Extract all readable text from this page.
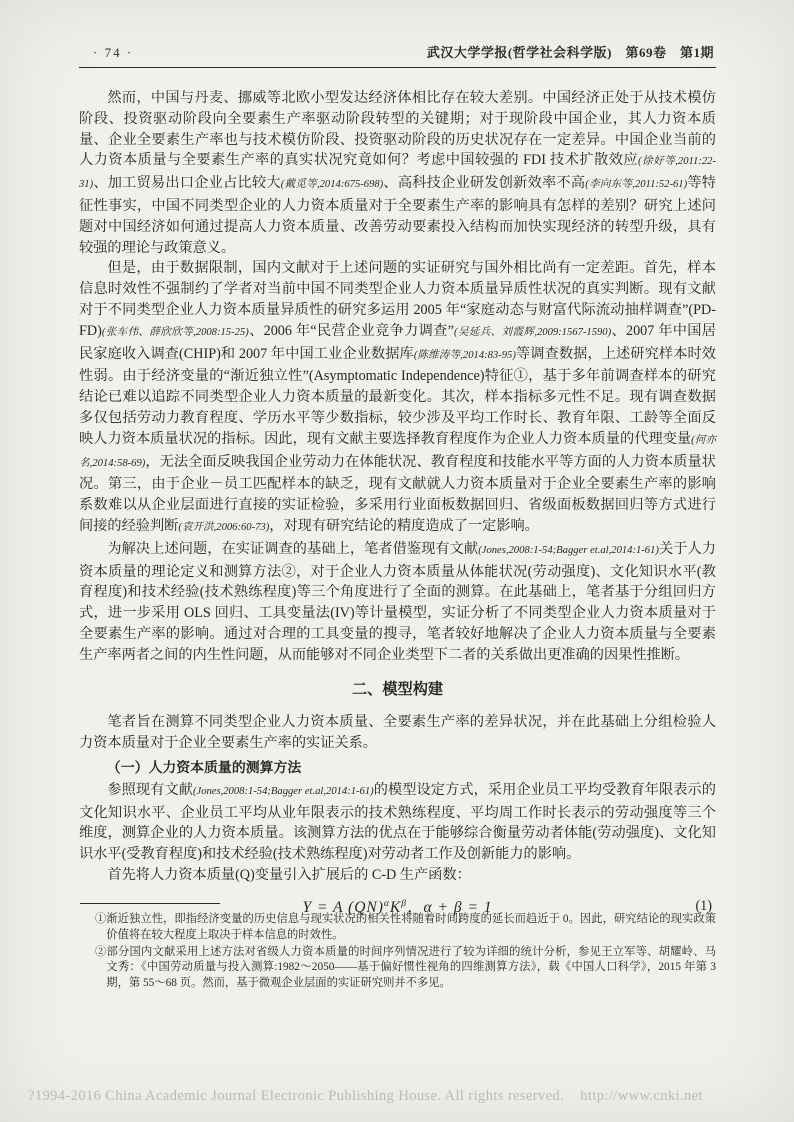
· 74 ·	武汉大学学报(哲学社会科学版)　第69卷　第1期

然而，中国与丹麦、挪威等北欧小型发达经济体相比存在较大差别。中国经济正处于从技术模仿阶段、投资驱动阶段向全要素生产率驱动阶段转型的关键期；对于现阶段中国企业，其人力资本质量、企业全要素生产率也与技术模仿阶段、投资驱动阶段的历史状况存在一定差异。中国企业当前的人力资本质量与全要素生产率的真实状况究竟如何？考虑中国较强的 FDI 技术扩散效应(徐好等,2011:22-31)、加工贸易出口企业占比较大(戴觅等,2014:675-698)、高科技企业研发创新效率不高(李向东等,2011:52-61)等特征性事实，中国不同类型企业的人力资本质量对于全要素生产率的影响具有怎样的差别？研究上述问题对中国经济如何通过提高人力资本质量、改善劳动要素投入结构而加快实现经济的转型升级，具有较强的理论与政策意义。

但是，由于数据限制，国内文献对于上述问题的实证研究与国外相比尚有一定差距。首先，样本信息时效性不强制约了学者对当前中国不同类型企业人力资本质量异质性状况的真实判断。现有文献对于不同类型企业人力资本质量异质性的研究多运用 2005 年“家庭动态与财富代际流动抽样调查”(PD-FD)(张车伟、薛欣欣等,2008:15-25)、2006 年“民营企业竞争力调查”(吴延兵、刘霞辉,2009:1567-1590)、2007 年中国居民家庭收入调查(CHIP)和 2007 年中国工业企业数据库(陈维涛等,2014:83-95)等调查数据，上述研究样本时效性弱。由于经济变量的“渐近独立性”(Asymptomatic Independence)特征①，基于多年前调查样本的研究结论已难以追踪不同类型企业人力资本质量的最新变化。其次，样本指标多元性不足。现有调查数据多仅包括劳动力教育程度、学历水平等少数指标，较少涉及平均工作时长、教育年限、工龄等全面反映人力资本质量状况的指标。因此，现有文献主要选择教育程度作为企业人力资本质量的代理变量(何亦名,2014:58-69)，无法全面反映我国企业劳动力在体能状况、教育程度和技能水平等方面的人力资本质量状况。第三，由于企业－员工匹配样本的缺乏，现有文献就人力资本质量对于企业全要素生产率的影响系数难以从企业层面进行直接的实证检验，多采用行业面板数据回归、省级面板数据回归等方式进行间接的经验判断(袁开洪,2006:60-73)，对现有研究结论的精度造成了一定影响。

为解决上述问题，在实证调查的基础上，笔者借鉴现有文献(Jones,2008:1-54;Bagger et.al,2014:1-61)关于人力资本质量的理论定义和测算方法②，对于企业人力资本质量从体能状况(劳动强度)、文化知识水平(教育程度)和技术经验(技术熟练程度)等三个角度进行了全面的测算。在此基础上，笔者基于分组回归方式，进一步采用 OLS 回归、工具变量法(IV)等计量模型，实证分析了不同类型企业人力资本质量对于全要素生产率的影响。通过对合理的工具变量的搜寻，笔者较好地解决了企业人力资本质量与全要素生产率两者之间的内生性问题，从而能够对不同企业类型下二者的关系做出更准确的因果性推断。

二、模型构建

笔者旨在测算不同类型企业人力资本质量、全要素生产率的差异状况，并在此基础上分组检验人力资本质量对于企业全要素生产率的实证关系。

（一）人力资本质量的测算方法

参照现有文献(Jones,2008:1-54;Bagger et.al,2014:1-61)的模型设定方式，采用企业员工平均受教育年限表示的文化知识水平、企业员工平均从业年限表示的技术熟练程度、平均周工作时长表示的劳动强度等三个维度，测算企业的人力资本质量。该测算方法的优点在于能够综合衡量劳动者体能(劳动强度)、文化知识水平(受教育程度)和技术经验(技术熟练程度)对劳动者工作及创新能力的影响。

首先将人力资本质量(Q)变量引入扩展后的 C-D 生产函数：

Y = A $(QN)^\alpha K^\beta$，α + β = 1	(1)

①渐近独立性，即指经济变量的历史信息与现实状况的相关性将随着时间跨度的延长而趋近于 0。因此，研究结论的现实政策价值将在较大程度上取决于样本信息的时效性。

②部分国内文献采用上述方法对省级人力资本质量的时间序列情况进行了较为详细的统计分析，参见王立军等、胡耀岭、马文秀：《中国劳动质量与投入测算:1982～2050——基于偏好惯性视角的四维测算方法》，载《中国人口科学》，2015 年第 3 期，第 55～68 页。然而，基于微观企业层面的实证研究则并不多见。

?1994-2016 China Academic Journal Electronic Publishing House. All rights reserved.    http://www.cnki.net
